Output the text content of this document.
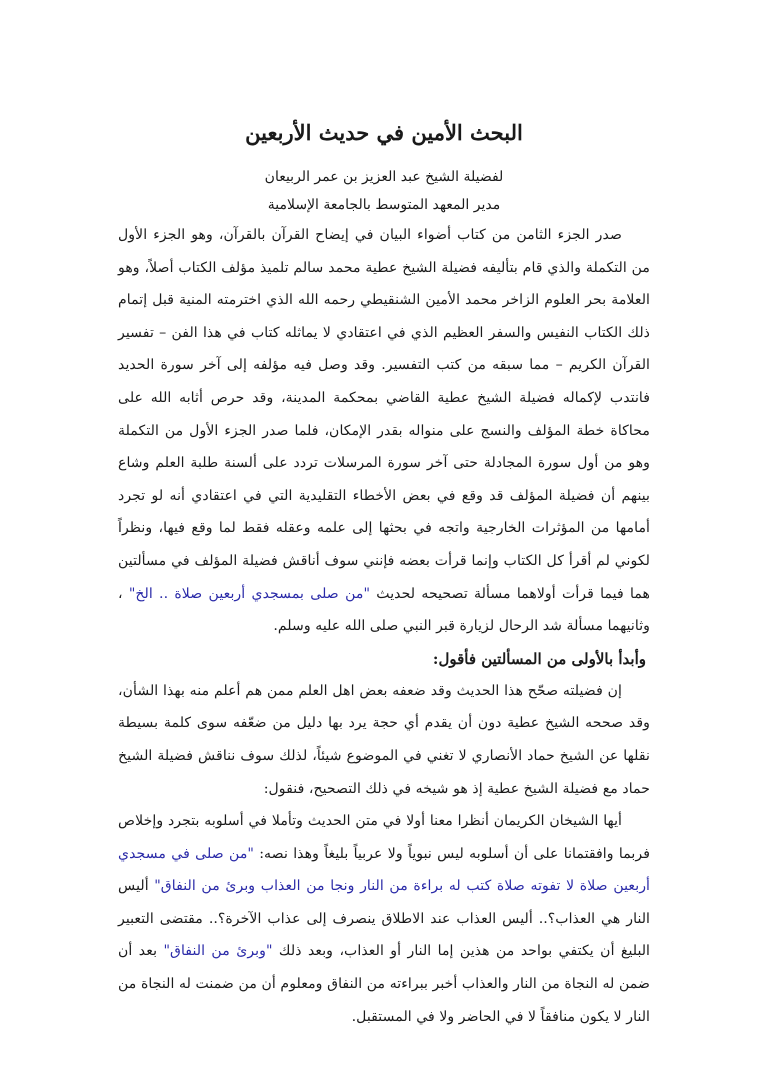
البحث الأمين في حديث الأربعين
لفضيلة الشيخ عبد العزيز بن عمر الربيعان
مدير المعهد المتوسط بالجامعة الإسلامية

صدر الجزء الثامن من كتاب أضواء البيان في إيضاح القرآن بالقرآن، وهو الجزء الأول من التكملة والذي قام بتأليفه فضيلة الشيخ عطية محمد سالم تلميذ مؤلف الكتاب أصلاً، وهو العلامة بحر العلوم الزاخر محمد الأمين الشنقيطي رحمه الله الذي اخترمته المنية قبل إتمام ذلك الكتاب النفيس والسفر العظيم الذي في اعتقادي لا يماثله كتاب في هذا الفن – تفسير القرآن الكريم – مما سبقه من كتب التفسير. وقد وصل فيه مؤلفه إلى آخر سورة الحديد فانتدب لإكماله فضيلة الشيخ عطية القاضي بمحكمة المدينة، وقد حرص أثابه الله على محاكاة خطة المؤلف والنسج على منواله بقدر الإمكان، فلما صدر الجزء الأول من التكملة وهو من أول سورة المجادلة حتى آخر سورة المرسلات تردد على ألسنة طلبة العلم وشاع بينهم أن فضيلة المؤلف قد وقع في بعض الأخطاء التقليدية التي في اعتقادي أنه لو تجرد أمامها من المؤثرات الخارجية واتجه في بحثها إلى علمه وعقله فقط لما وقع فيها، ونظراً لكوني لم أقرأ كل الكتاب وإنما قرأت بعضه فإنني سوف أناقش فضيلة المؤلف في مسألتين هما فيما قرأت أولاهما مسألة تصحيحه لحديث "من صلى بمسجدي أربعين صلاة .. الخ" ، وثانيهما مسألة شد الرحال لزيارة قبر النبي صلى الله عليه وسلم.

وأبدأ بالأولى من المسألتين فأقول:

إن فضيلته صحّح هذا الحديث وقد ضعفه بعض اهل العلم ممن هم أعلم منه بهذا الشأن، وقد صححه الشيخ عطية دون أن يقدم أي حجة يرد بها دليل من ضعّفه سوى كلمة بسيطة نقلها عن الشيخ حماد الأنصاري لا تغني في الموضوع شيئاً، لذلك سوف نناقش فضيلة الشيخ حماد مع فضيلة الشيخ عطية إذ هو شيخه في ذلك التصحيح، فنقول:

أيها الشيخان الكريمان أنظرا معنا أولا في متن الحديث وتأملا في أسلوبه بتجرد وإخلاص فربما وافقتمانا على أن أسلوبه ليس نبوياً ولا عربياً بليغاً وهذا نصه: "من صلى في مسجدي أربعين صلاة لا تفوته صلاة كتب له براءة من النار ونجا من العذاب وبرئ من النفاق" أليس النار هي العذاب؟.. أليس العذاب عند الاطلاق ينصرف إلى عذاب الآخرة؟.. مقتضى التعبير البليغ أن يكتفي بواحد من هذين إما النار أو العذاب، وبعد ذلك "وبرئ من النفاق" بعد أن ضمن له النجاة من النار والعذاب أخبر ببراءته من النفاق ومعلوم أن من ضمنت له النجاة من النار لا يكون منافقاً لا في الحاضر ولا في المستقبل.
